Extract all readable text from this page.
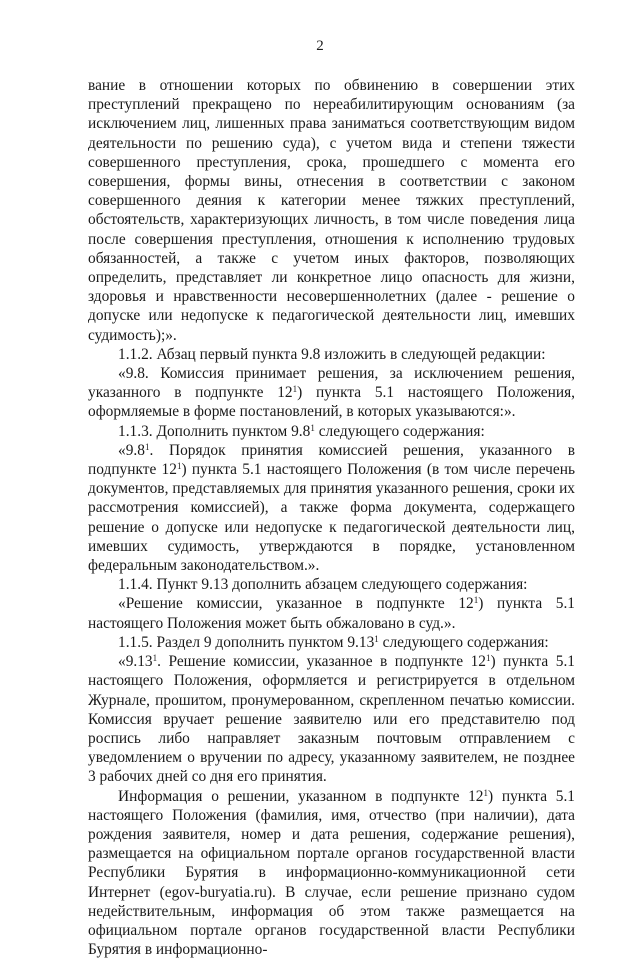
2

вание в отношении которых по обвинению в совершении этих преступлений прекращено по нереабилитирующим основаниям (за исключением лиц, лишенных права заниматься соответствующим видом деятельности по решению суда), с учетом вида и степени тяжести совершенного преступления, срока, прошедшего с момента его совершения, формы вины, отнесения в соответствии с законом совершенного деяния к категории менее тяжких преступлений, обстоятельств, характеризующих личность, в том числе поведения лица после совершения преступления, отношения к исполнению трудовых обязанностей, а также с учетом иных факторов, позволяющих определить, представляет ли конкретное лицо опасность для жизни, здоровья и нравственности несовершеннолетних (далее - решение о допуске или недопуске к педагогической деятельности лиц, имевших судимость);».

1.1.2. Абзац первый пункта 9.8 изложить в следующей редакции:

«9.8. Комиссия принимает решения, за исключением решения, указанного в подпункте $12^1$) пункта 5.1 настоящего Положения, оформляемые в форме постановлений, в которых указываются:».

1.1.3. Дополнить пунктом $9.8^1$ следующего содержания:

«$9.8^1$. Порядок принятия комиссией решения, указанного в подпункте $12^1$) пункта 5.1 настоящего Положения (в том числе перечень документов, представляемых для принятия указанного решения, сроки их рассмотрения комиссией), а также форма документа, содержащего решение о допуске или недопуске к педагогической деятельности лиц, имевших судимость, утверждаются в порядке, установленном федеральным законодательством.».

1.1.4. Пункт 9.13 дополнить абзацем следующего содержания:

«Решение комиссии, указанное в подпункте $12^1$) пункта 5.1 настоящего Положения может быть обжаловано в суд.».

1.1.5. Раздел 9 дополнить пунктом 9.13$^1$ следующего содержания:

«9.13$^1$. Решение комиссии, указанное в подпункте $12^1$) пункта 5.1 настоящего Положения, оформляется и регистрируется в отдельном Журнале, прошитом, пронумерованном, скрепленном печатью комиссии. Комиссия вручает решение заявителю или его представителю под роспись либо направляет заказным почтовым отправлением с уведомлением о вручении по адресу, указанному заявителем, не позднее 3 рабочих дней со дня его принятия.

Информация о решении, указанном в подпункте $12^1$) пункта 5.1 настоящего Положения (фамилия, имя, отчество (при наличии), дата рождения заявителя, номер и дата решения, содержание решения), размещается на официальном портале органов государственной власти Республики Бурятия в информационно-коммуникационной сети Интернет (egov-buryatia.ru). В случае, если решение признано судом недействительным, информация об этом также размещается на официальном портале органов государственной власти Республики Бурятия в информационно-
